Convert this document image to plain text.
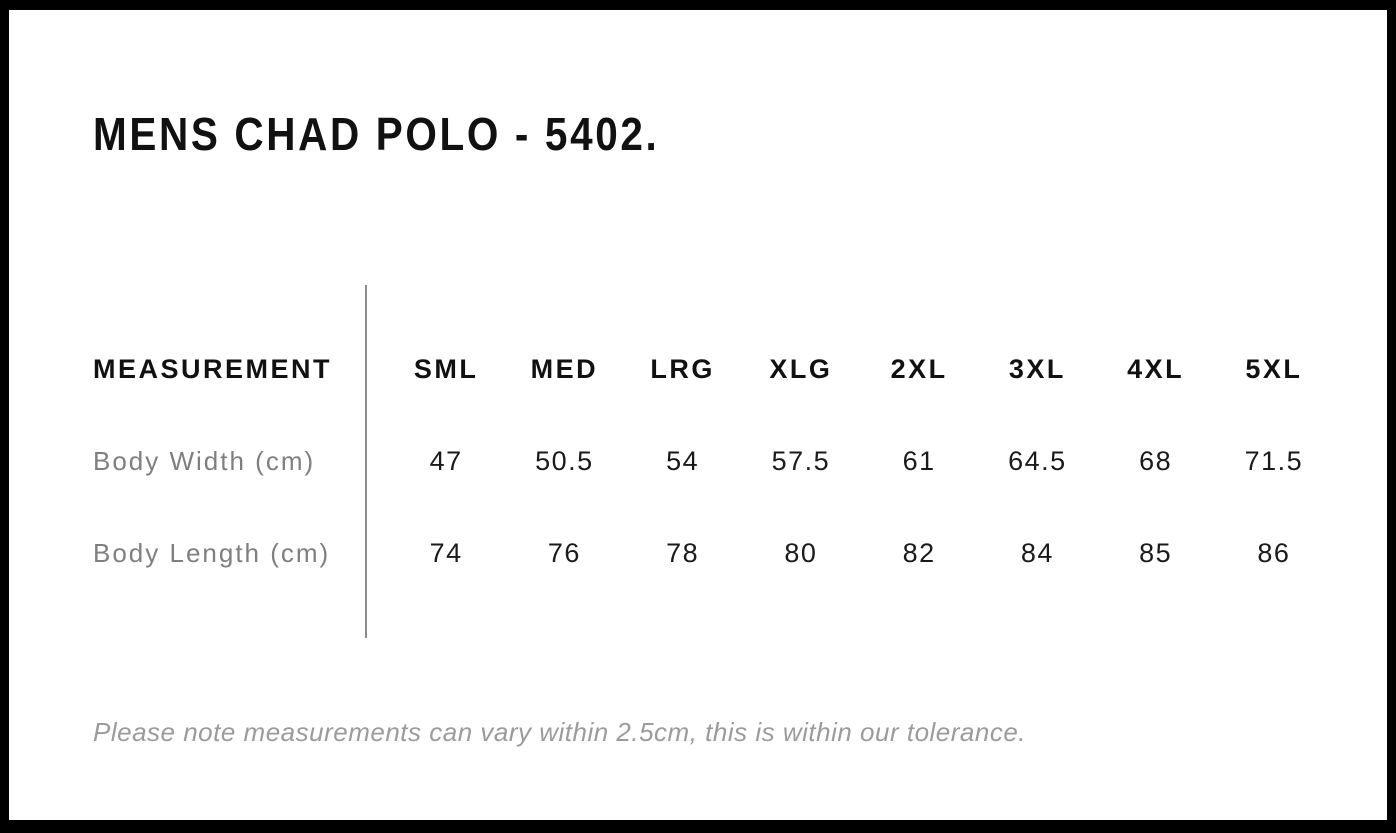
MENS CHAD POLO - 5402.
MEASUREMENT	SML	MED	LRG	XLG	2XL	3XL	4XL	5XL
Body Width (cm)	47	50.5	54	57.5	61	64.5	68	71.5
Body Length (cm)	74	76	78	80	82	84	85	86

Please note measurements can vary within 2.5cm, this is within our tolerance.
